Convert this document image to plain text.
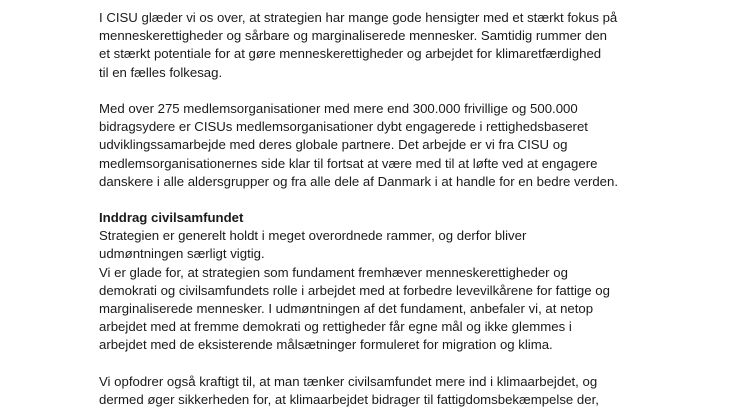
I CISU glæder vi os over, at strategien har mange gode hensigter med et stærkt fokus på
menneskerettigheder og sårbare og marginaliserede mennesker. Samtidig rummer den
et stærkt potentiale for at gøre menneskerettigheder og arbejdet for klimaretfærdighed
til en fælles folkesag.
Med over 275 medlemsorganisationer med mere end 300.000 frivillige og 500.000
bidragsydere er CISUs medlemsorganisationer dybt engagerede i rettighedsbaseret
udviklingssamarbejde med deres globale partnere. Det arbejde er vi fra CISU og
medlemsorganisationernes side klar til fortsat at være med til at løfte ved at engagere
danskere i alle aldersgrupper og fra alle dele af Danmark i at handle for en bedre verden.
Inddrag civilsamfundet
Strategien er generelt holdt i meget overordnede rammer, og derfor bliver
udmøntningen særligt vigtig.
Vi er glade for, at strategien som fundament fremhæver menneskerettigheder og
demokrati og civilsamfundets rolle i arbejdet med at forbedre levevilkårene for fattige og
marginaliserede mennesker. I udmøntningen af det fundament, anbefaler vi, at netop
arbejdet med at fremme demokrati og rettigheder får egne mål og ikke glemmes i
arbejdet med de eksisterende målsætninger formuleret for migration og klima.
Vi opfodrer også kraftigt til, at man tænker civilsamfundet mere ind i klimaarbejdet, og
dermed øger sikkerheden for, at klimaarbejdet bidrager til fattigdomsbekæmpelse der,
